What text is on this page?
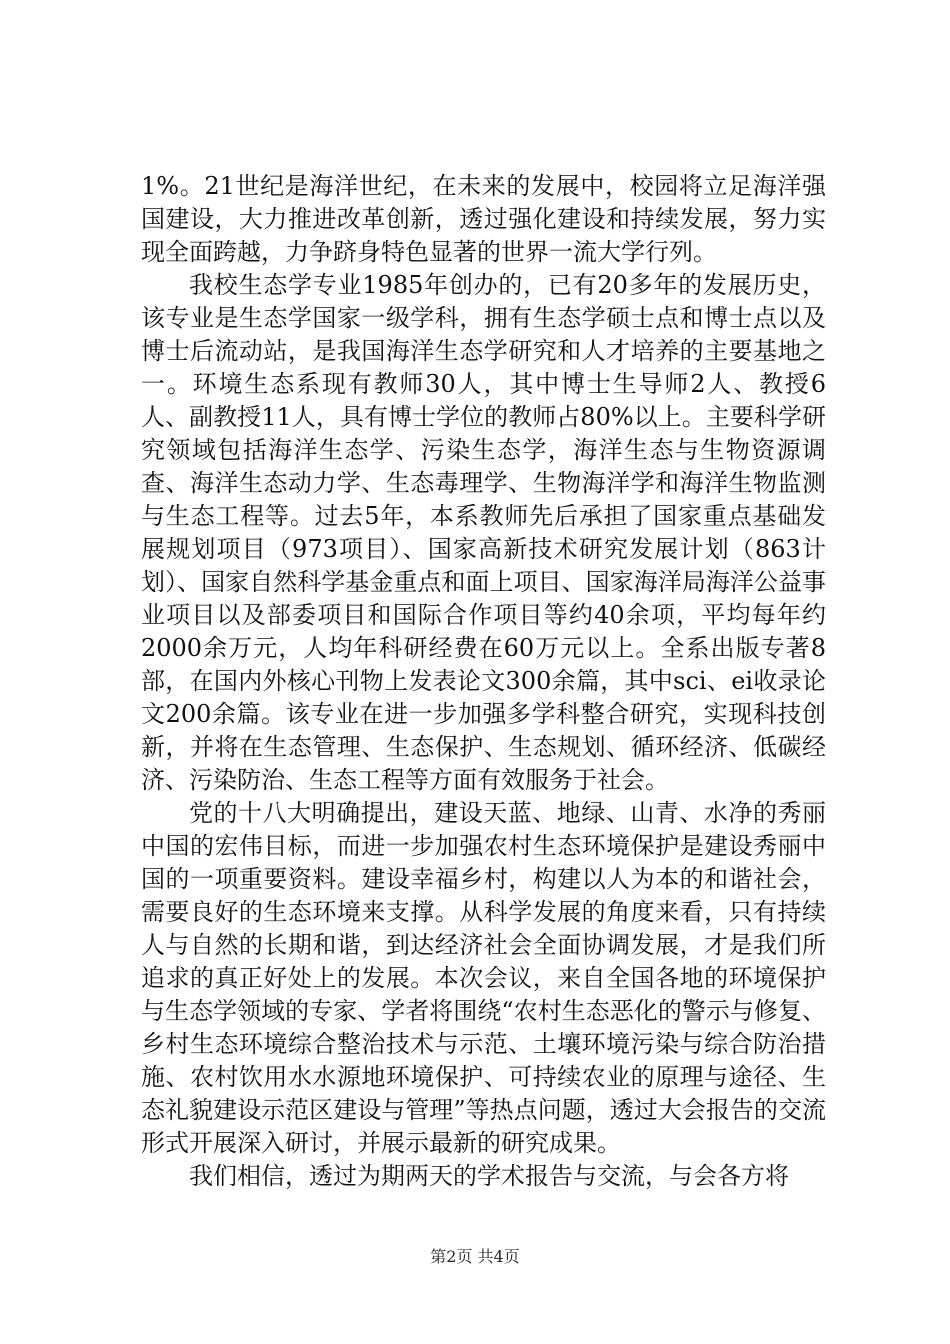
1%。21世纪是海洋世纪，在未来的发展中，校园将立足海洋强国建设，大力推进改革创新，透过强化建设和持续发展，努力实现全面跨越，力争跻身特色显著的世界一流大学行列。

我校生态学专业1985年创办的，已有20多年的发展历史，该专业是生态学国家一级学科，拥有生态学硕士点和博士点以及博士后流动站，是我国海洋生态学研究和人才培养的主要基地之一。环境生态系现有教师30人，其中博士生导师2人、教授6人、副教授11人，具有博士学位的教师占80%以上。主要科学研究领域包括海洋生态学、污染生态学，海洋生态与生物资源调查、海洋生态动力学、生态毒理学、生物海洋学和海洋生物监测与生态工程等。过去5年，本系教师先后承担了国家重点基础发展规划项目（973项目）、国家高新技术研究发展计划（863计划）、国家自然科学基金重点和面上项目、国家海洋局海洋公益事业项目以及部委项目和国际合作项目等约40余项，平均每年约2000余万元，人均年科研经费在60万元以上。全系出版专著8部，在国内外核心刊物上发表论文300余篇，其中sci、ei收录论文200余篇。该专业在进一步加强多学科整合研究，实现科技创新，并将在生态管理、生态保护、生态规划、循环经济、低碳经济、污染防治、生态工程等方面有效服务于社会。

党的十八大明确提出，建设天蓝、地绿、山青、水净的秀丽中国的宏伟目标，而进一步加强农村生态环境保护是建设秀丽中国的一项重要资料。建设幸福乡村，构建以人为本的和谐社会，需要良好的生态环境来支撑。从科学发展的角度来看，只有持续人与自然的长期和谐，到达经济社会全面协调发展，才是我们所追求的真正好处上的发展。本次会议，来自全国各地的环境保护与生态学领域的专家、学者将围绕“农村生态恶化的警示与修复、乡村生态环境综合整治技术与示范、土壤环境污染与综合防治措施、农村饮用水水源地环境保护、可持续农业的原理与途径、生态礼貌建设示范区建设与管理”等热点问题，透过大会报告的交流形式开展深入研讨，并展示最新的研究成果。

我们相信，透过为期两天的学术报告与交流，与会各方将

第2页 共4页
